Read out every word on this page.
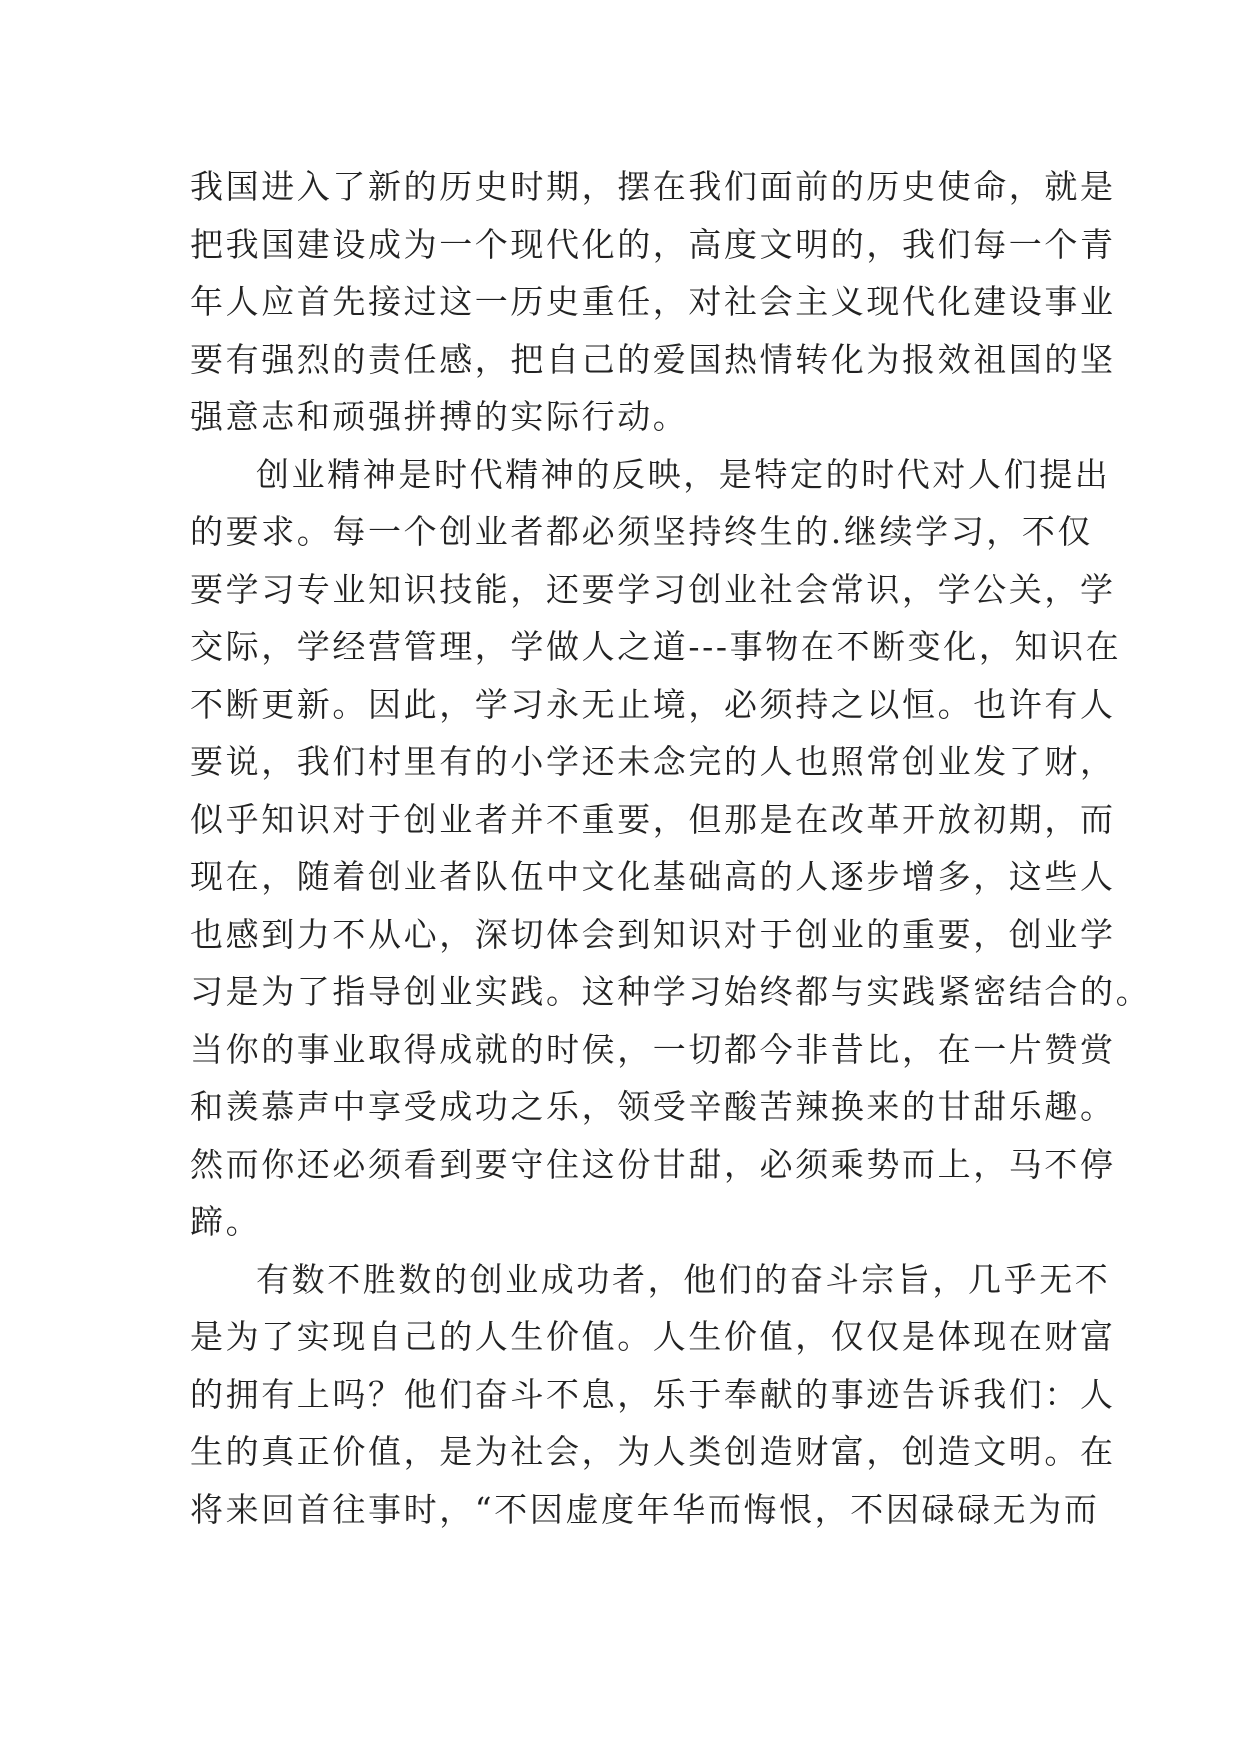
我国进入了新的历史时期，摆在我们面前的历史使命，就是
把我国建设成为一个现代化的，高度文明的，我们每一个青
年人应首先接过这一历史重任，对社会主义现代化建设事业
要有强烈的责任感，把自己的爱国热情转化为报效祖国的坚
强意志和顽强拼搏的实际行动。
创业精神是时代精神的反映，是特定的时代对人们提出
的要求。每一个创业者都必须坚持终生的.继续学习，不仅
要学习专业知识技能，还要学习创业社会常识，学公关，学
交际，学经营管理，学做人之道---事物在不断变化，知识在
不断更新。因此，学习永无止境，必须持之以恒。也许有人
要说，我们村里有的小学还未念完的人也照常创业发了财，
似乎知识对于创业者并不重要，但那是在改革开放初期，而
现在，随着创业者队伍中文化基础高的人逐步增多，这些人
也感到力不从心，深切体会到知识对于创业的重要，创业学
习是为了指导创业实践。这种学习始终都与实践紧密结合的。
当你的事业取得成就的时侯，一切都今非昔比，在一片赞赏
和羡慕声中享受成功之乐，领受辛酸苦辣换来的甘甜乐趣。
然而你还必须看到要守住这份甘甜，必须乘势而上，马不停
蹄。
有数不胜数的创业成功者，他们的奋斗宗旨，几乎无不
是为了实现自己的人生价值。人生价值，仅仅是体现在财富
的拥有上吗？他们奋斗不息，乐于奉献的事迹告诉我们：人
生的真正价值，是为社会，为人类创造财富，创造文明。在
将来回首往事时，“不因虚度年华而悔恨，不因碌碌无为而
